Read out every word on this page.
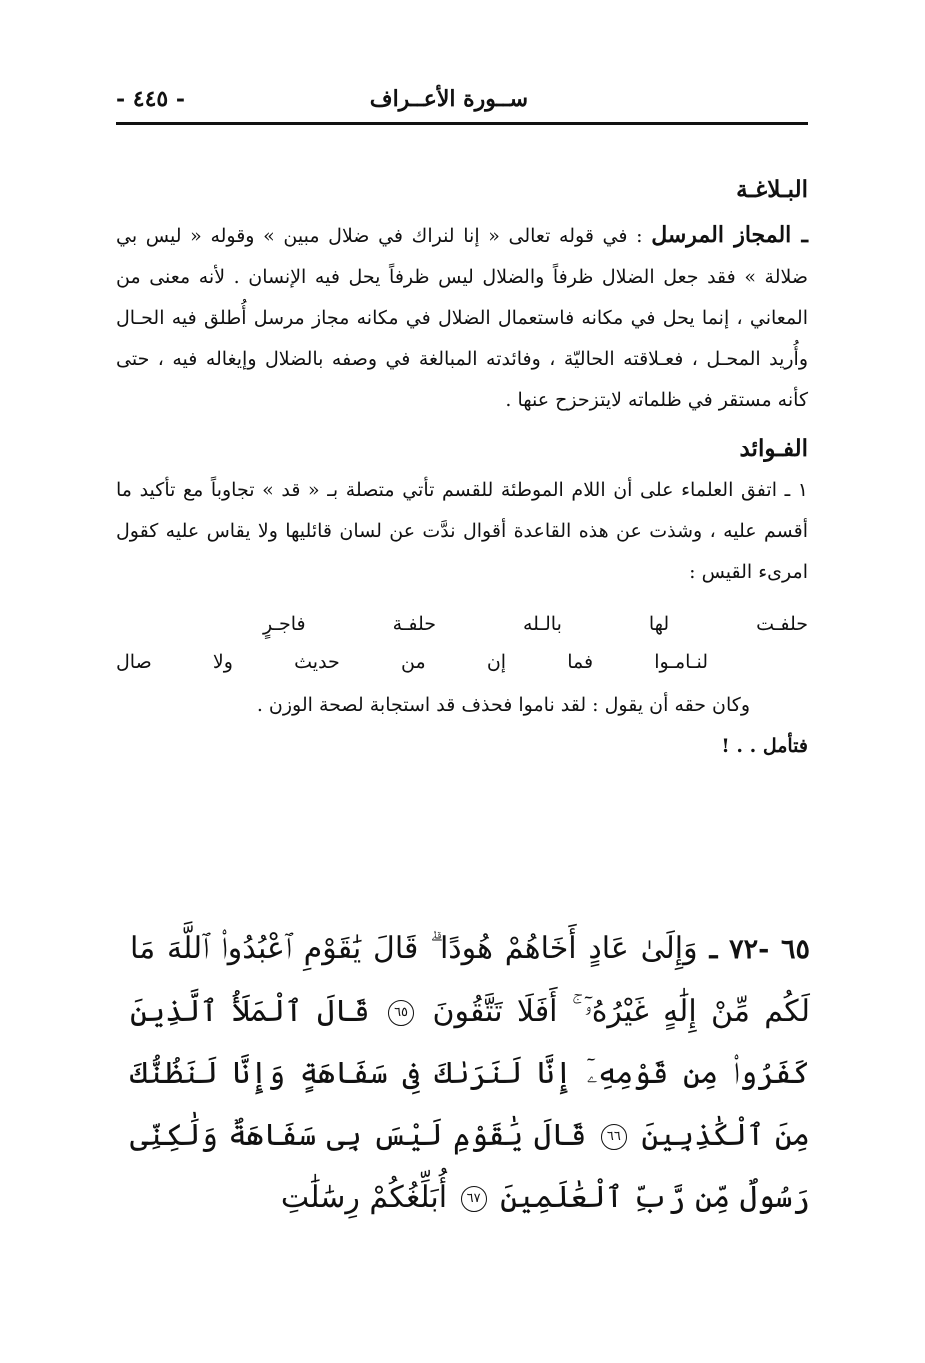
ســورة الأعــراف
- ٤٤٥ -
البـلاغـة

ـ المجاز المرسل : في قوله تعالى « إنا لنراك في ضلال مبين » وقوله « ليس بي ضلالة » فقد جعل الضلال ظرفاً والضلال ليس ظرفاً يحل فيه الإنسان . لأنه معنى من المعاني ، إنما يحل في مكانه فاستعمال الضلال في مكانه مجاز مرسل أُطلق فيه الحـال وأُريد المحـل ، فعـلاقته الحاليّة ، وفائدته المبالغة في وصفه بالضلال وإيغاله فيه ، حتى كأنه مستقر في ظلماته لايتزحزح عنها .

الفـوائد

١ ـ اتفق العلماء على أن اللام الموطئة للقسم تأتي متصلة بـ « قد » تجاوباً مع تأكيد ما أقسم عليه ، وشذت عن هذه القاعدة أقوال ندَّت عن لسان قائليها ولا يقاس عليه كقول امرىء القيس :

حلفـت
لها
بالـله
حلفـة
فاجـرٍ
لنـامـوا
فما
إن
من
حديث
ولا
صال

وكان حقه أن يقول : لقد ناموا فحذف قد استجابة لصحة الوزن .

فتأمل . . !

٦٥ -٧٢ ـ وَإِلَىٰ عَادٍ أَخَاهُمْ هُودًا ۗ قَالَ يَٰقَوْمِ ٱعْبُدُوا۟ ٱللَّهَ مَا لَكُم مِّنْ إِلَٰهٍ غَيْرُهُۥٓ ۚ أَفَلَا تَتَّقُونَ ٦٥ قَالَ ٱلْمَلَأُ ٱلَّذِينَ كَفَرُوا۟ مِن قَوْمِهِۦٓ إِنَّا لَنَرَىٰكَ فِى سَفَاهَةٍ وَإِنَّا لَنَظُنُّكَ مِنَ ٱلْكَٰذِبِينَ ٦٦ قَالَ يَٰقَوْمِ لَيْسَ بِى سَفَاهَةٌ وَلَٰكِنِّى رَسُولٌ مِّن رَّبِّ ٱلْعَٰلَمِينَ ٦٧ أُبَلِّغُكُمْ رِسَٰلَٰتِ
